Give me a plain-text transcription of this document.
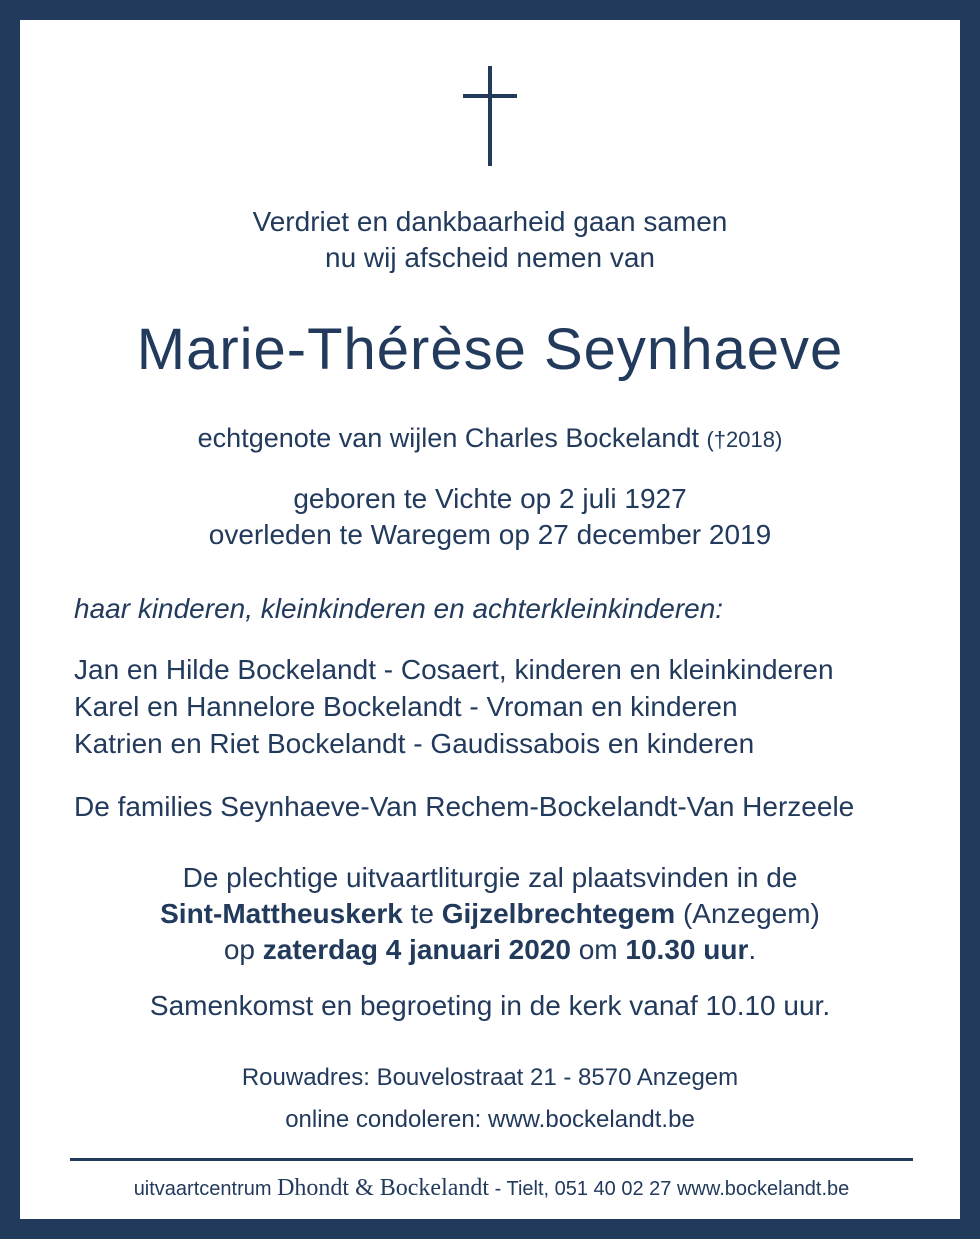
Verdriet en dankbaarheid gaan samen
nu wij afscheid nemen van
Marie-Thérèse Seynhaeve
echtgenote van wijlen Charles Bockelandt (†2018)
geboren te Vichte op 2 juli 1927
overleden te Waregem op 27 december 2019
haar kinderen, kleinkinderen en achterkleinkinderen:
Jan en Hilde Bockelandt - Cosaert, kinderen en kleinkinderen
Karel en Hannelore Bockelandt - Vroman en kinderen
Katrien en Riet Bockelandt - Gaudissabois en kinderen
De families Seynhaeve-Van Rechem-Bockelandt-Van Herzeele
De plechtige uitvaartliturgie zal plaatsvinden in de
Sint-Mattheuskerk te Gijzelbrechtegem (Anzegem)
op zaterdag 4 januari 2020 om 10.30 uur.
Samenkomst en begroeting in de kerk vanaf 10.10 uur.
Rouwadres: Bouvelostraat 21 - 8570 Anzegem
online condoleren: www.bockelandt.be
uitvaartcentrum Dhondt & Bockelandt - Tielt, 051 40 02 27 www.bockelandt.be
